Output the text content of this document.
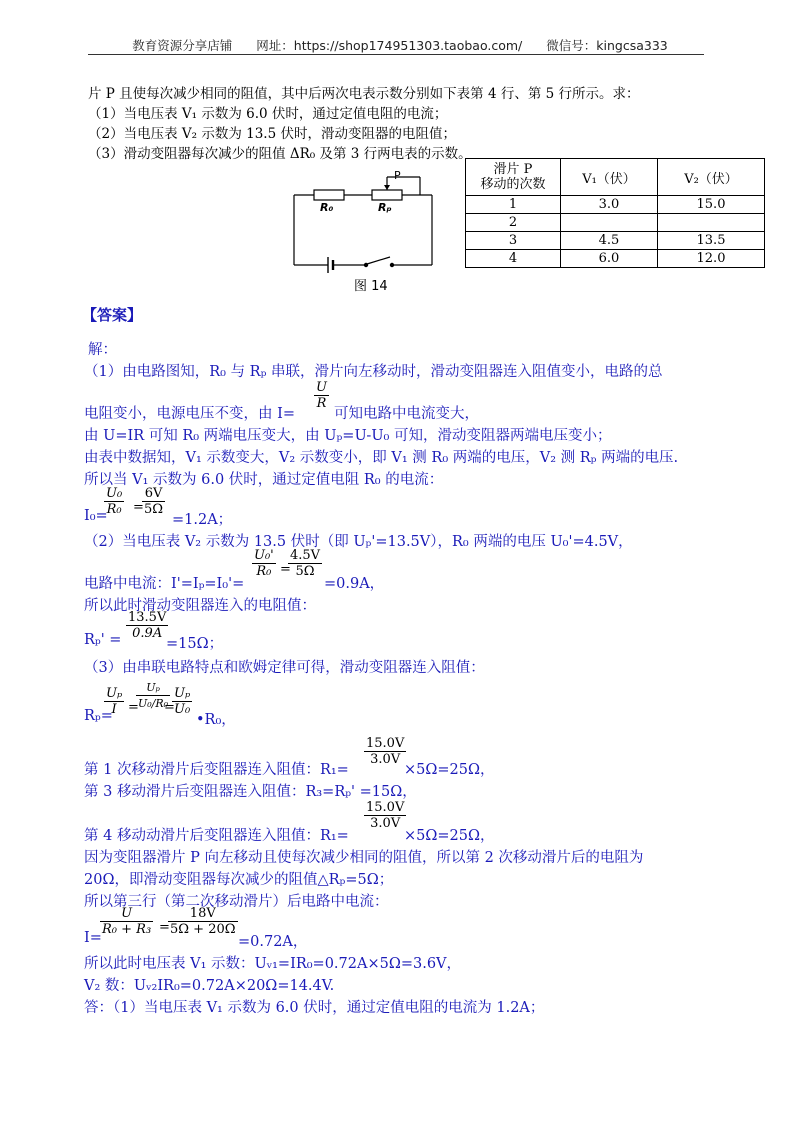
教育资源分享店铺 网址：https://shop174951303.taobao.com/ 微信号：kingcsa333
片 P 且使每次减少相同的阻值，其中后两次电表示数分别如下表第 4 行、第 5 行所示。求：
（1）当电压表 V₁ 示数为 6.0 伏时，通过定值电阻的电流；
（2）当电压表 V₂ 示数为 13.5 伏时，滑动变阻器的电阻值；
（3）滑动变阻器每次减少的阻值 ΔR₀ 及第 3 行两电表的示数。
P
R₀	Rₚ
图 14
滑片 P
移动的次数	V₁（伏）	V₂（伏）
1	3.0	15.0
2		
3	4.5	13.5
4	6.0	12.0
【答案】
解：
（1）由电路图知，R₀ 与 Rₚ 串联，滑片向左移动时，滑动变阻器连入阻值变小，电路的总
电阻变小，电源电压不变，由 I=
$\frac{U}{R}$
可知电路中电流变大，
由 U=IR 可知 R₀ 两端电压变大，由 Uₚ=U-U₀ 可知，滑动变阻器两端电压变小；
由表中数据知，V₁ 示数变大，V₂ 示数变小，即 V₁ 测 R₀ 两端的电压，V₂ 测 Rₚ 两端的电压.
所以当 V₁ 示数为 6.0 伏时，通过定值电阻 R₀ 的电流：
I₀=
$\frac{\text{U₀}}{\text{R₀}}$ =
$\frac{6V}{5\Omega}$
=1.2A；
（2）当电压表 V₂ 示数为 13.5 伏时（即 Uₚ'=13.5V），R₀ 两端的电压 U₀'=4.5V，
电路中电流：I'=Iₚ=I₀'=
$\frac{\text{U₀'}}{\text{R₀}}$ =
$\frac{4.5V}{5\Omega}$
=0.9A，
所以此时滑动变阻器连入的电阻值：
$R_p' = \frac{13.5V}{0.9A}$
=15Ω；
（3）由串联电路特点和欧姆定律可得，滑动变阻器连入阻值：
Rₚ=
$\frac{\text{Uₚ}}{I}$ =
$\frac{\text{Uₚ}}{\text{U₀/R₀}}$
=
$\frac{\text{Uₚ}}{\text{U₀}}$
•R₀，
第 1 次移动滑片后变阻器连入阻值：R₁=
$\frac{15.0V}{3.0V}$
×5Ω=25Ω，
第 3 移动滑片后变阻器连入阻值：R₃=Rₚ' =15Ω，
第 4 移动动滑片后变阻器连入阻值：R₁=
$\frac{15.0V}{3.0V}$
×5Ω=25Ω，
因为变阻器滑片 P 向左移动且使每次减少相同的阻值，所以第 2 次移动滑片后的电阻为
20Ω，即滑动变阻器每次减少的阻值△Rₚ=5Ω；
所以第三行（第二次移动滑片）后电路中电流：
I=
$\frac{U}{\text{R₀ + R₃}}$ =
$\frac{18V}{5\Omega + 20\Omega}$
=0.72A，
所以此时电压表 V₁ 示数：Uᵥ₁=IR₀=0.72A×5Ω=3.6V，
V₂ 数：Uᵥ₂IR₀=0.72A×20Ω=14.4V.
答：（1）当电压表 V₁ 示数为 6.0 伏时，通过定值电阻的电流为 1.2A；
